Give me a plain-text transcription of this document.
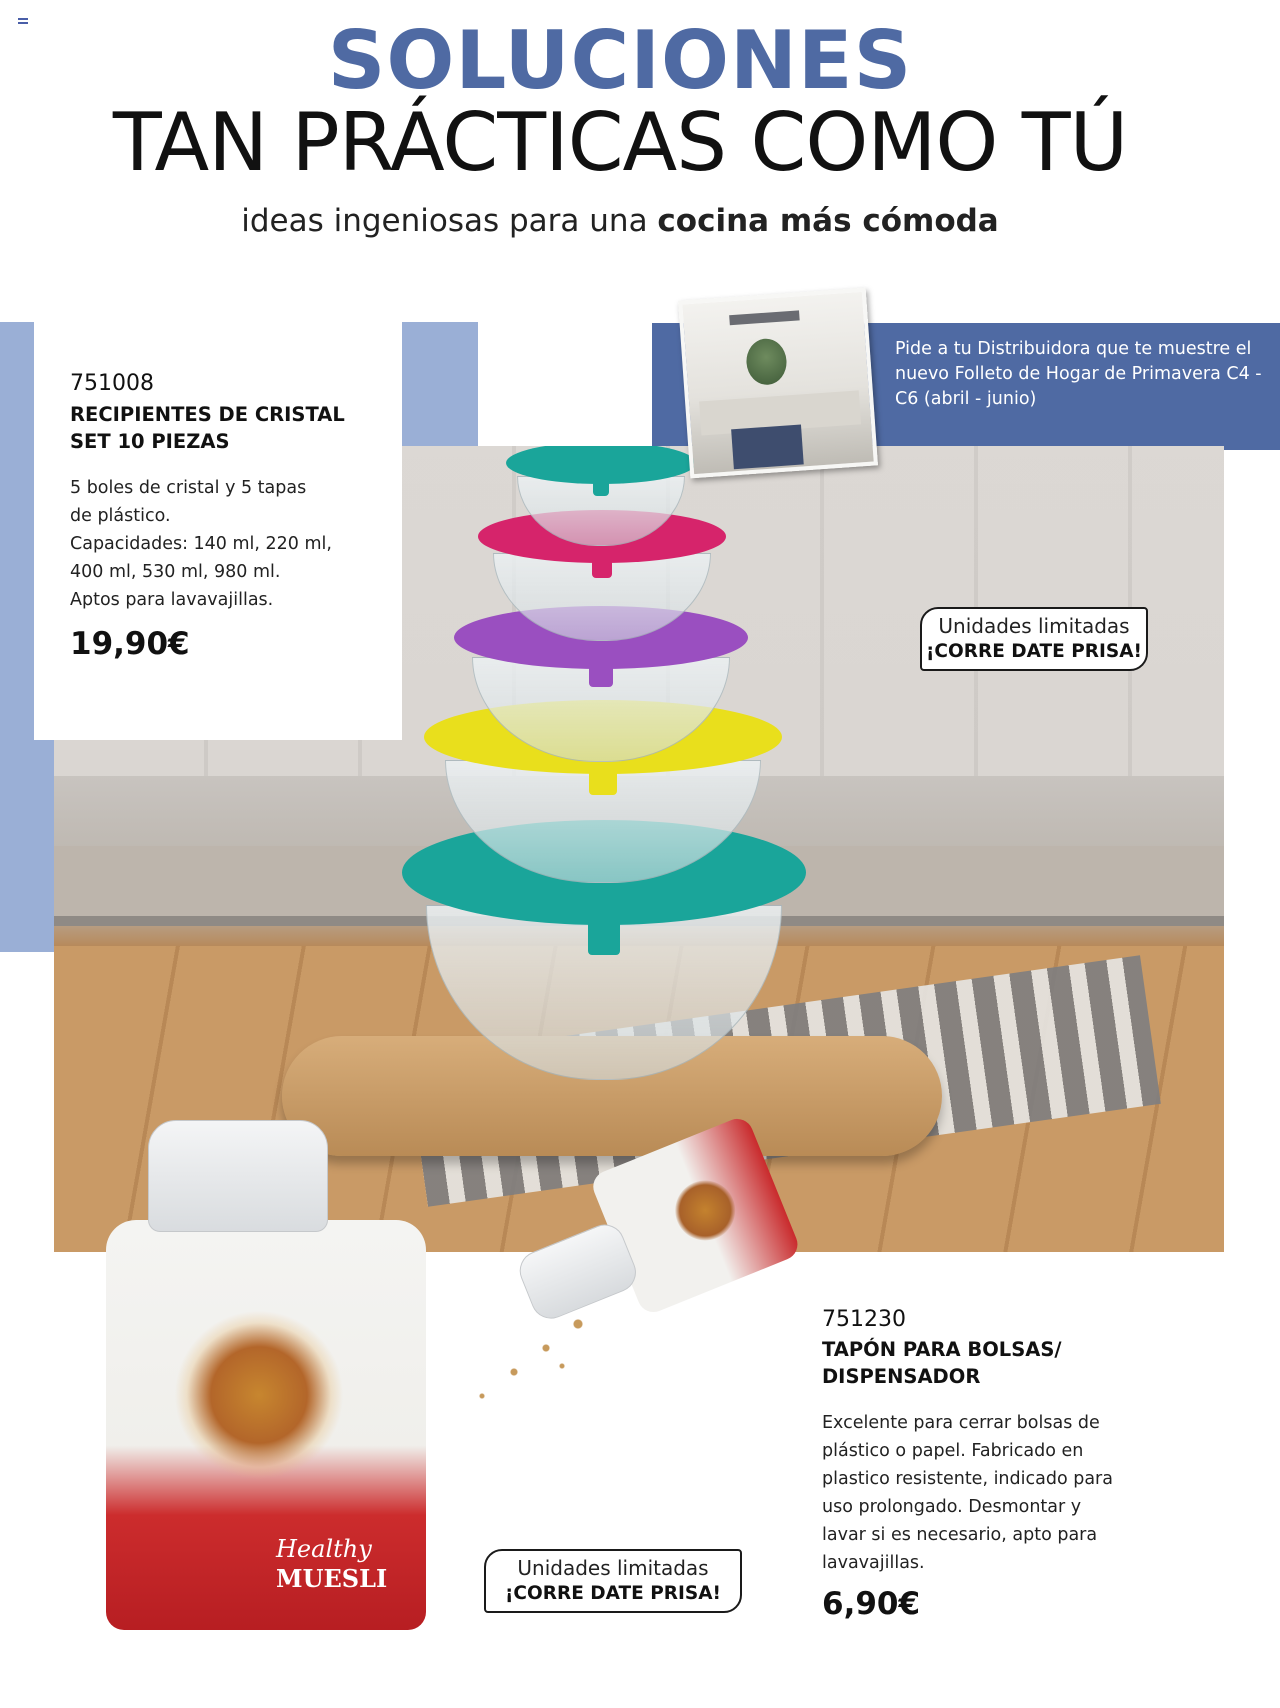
SOLUCIONES
TAN PRÁCTICAS COMO TÚ
ideas ingeniosas para una cocina más cómoda
Pide a tu Distribuidora que te muestre el nuevo Folleto de Hogar de Primavera C4 - C6 (abril - junio)
751008
RECIPIENTES DE CRISTAL
SET 10 PIEZAS
5 boles de cristal y 5 tapas
de plástico.
Capacidades: 140 ml, 220 ml,
400 ml, 530 ml, 980 ml.
Aptos para lavavajillas.
19,90€	Unidades limitadas
¡CORRE DATE PRISA!
Healthy
MUESLI
751230
TAPÓN PARA BOLSAS/
DISPENSADOR
Excelente para cerrar bolsas de
plástico o papel. Fabricado en
plastico resistente, indicado para
uso prolongado. Desmontar y
lavar si es necesario, apto para
lavavajillas.
6,90€
Unidades limitadas
¡CORRE DATE PRISA!
